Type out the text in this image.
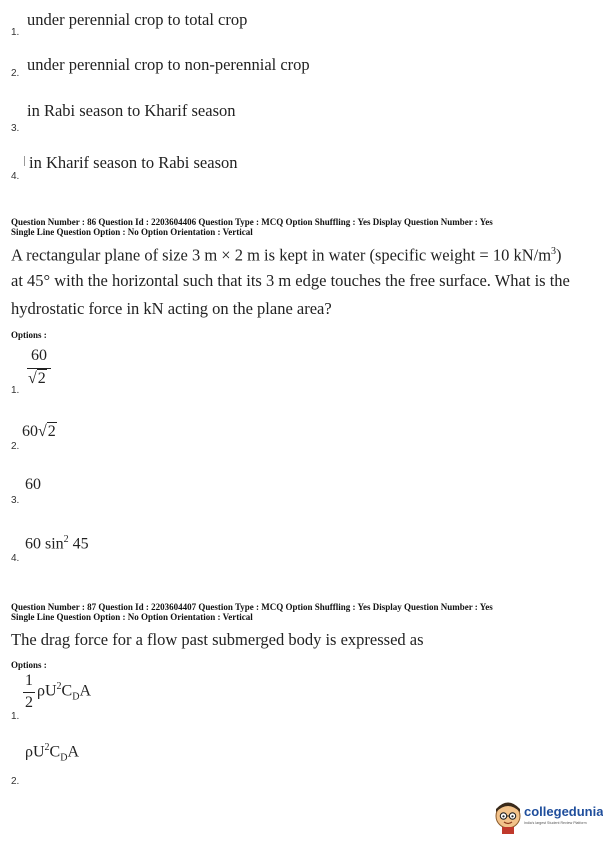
1.
under perennial crop to total crop
2. under perennial crop to non-perennial crop
3.
in Rabi season to Kharif season
4.
in Kharif season to Rabi season
Question Number : 86 Question Id : 2203604406 Question Type : MCQ Option Shuffling : Yes Display Question Number : Yes
Single Line Question Option : No Option Orientation : Vertical
A rectangular plane of size 3 m × 2 m is kept in water (specific weight = 10 $kN/m^3$)
at 45° with the horizontal such that its 3 m edge touches the free surface. What is the
hydrostatic force in kN acting on the plane area?
Options :
1.
60
√2
2.
60√2
3.
60
4.
60 $\sin^2 45$
Question Number : 87 Question Id : 2203604407 Question Type : MCQ Option Shuffling : Yes Display Question Number : Yes
Single Line Question Option : No Option Orientation : Vertical
The drag force for a flow past submerged body is expressed as
Options :
1.
1
2
$\rho U^2C_DA$
2.
$\rho U^2C_DA$
collegedunia
India's largest Student Review Platform
